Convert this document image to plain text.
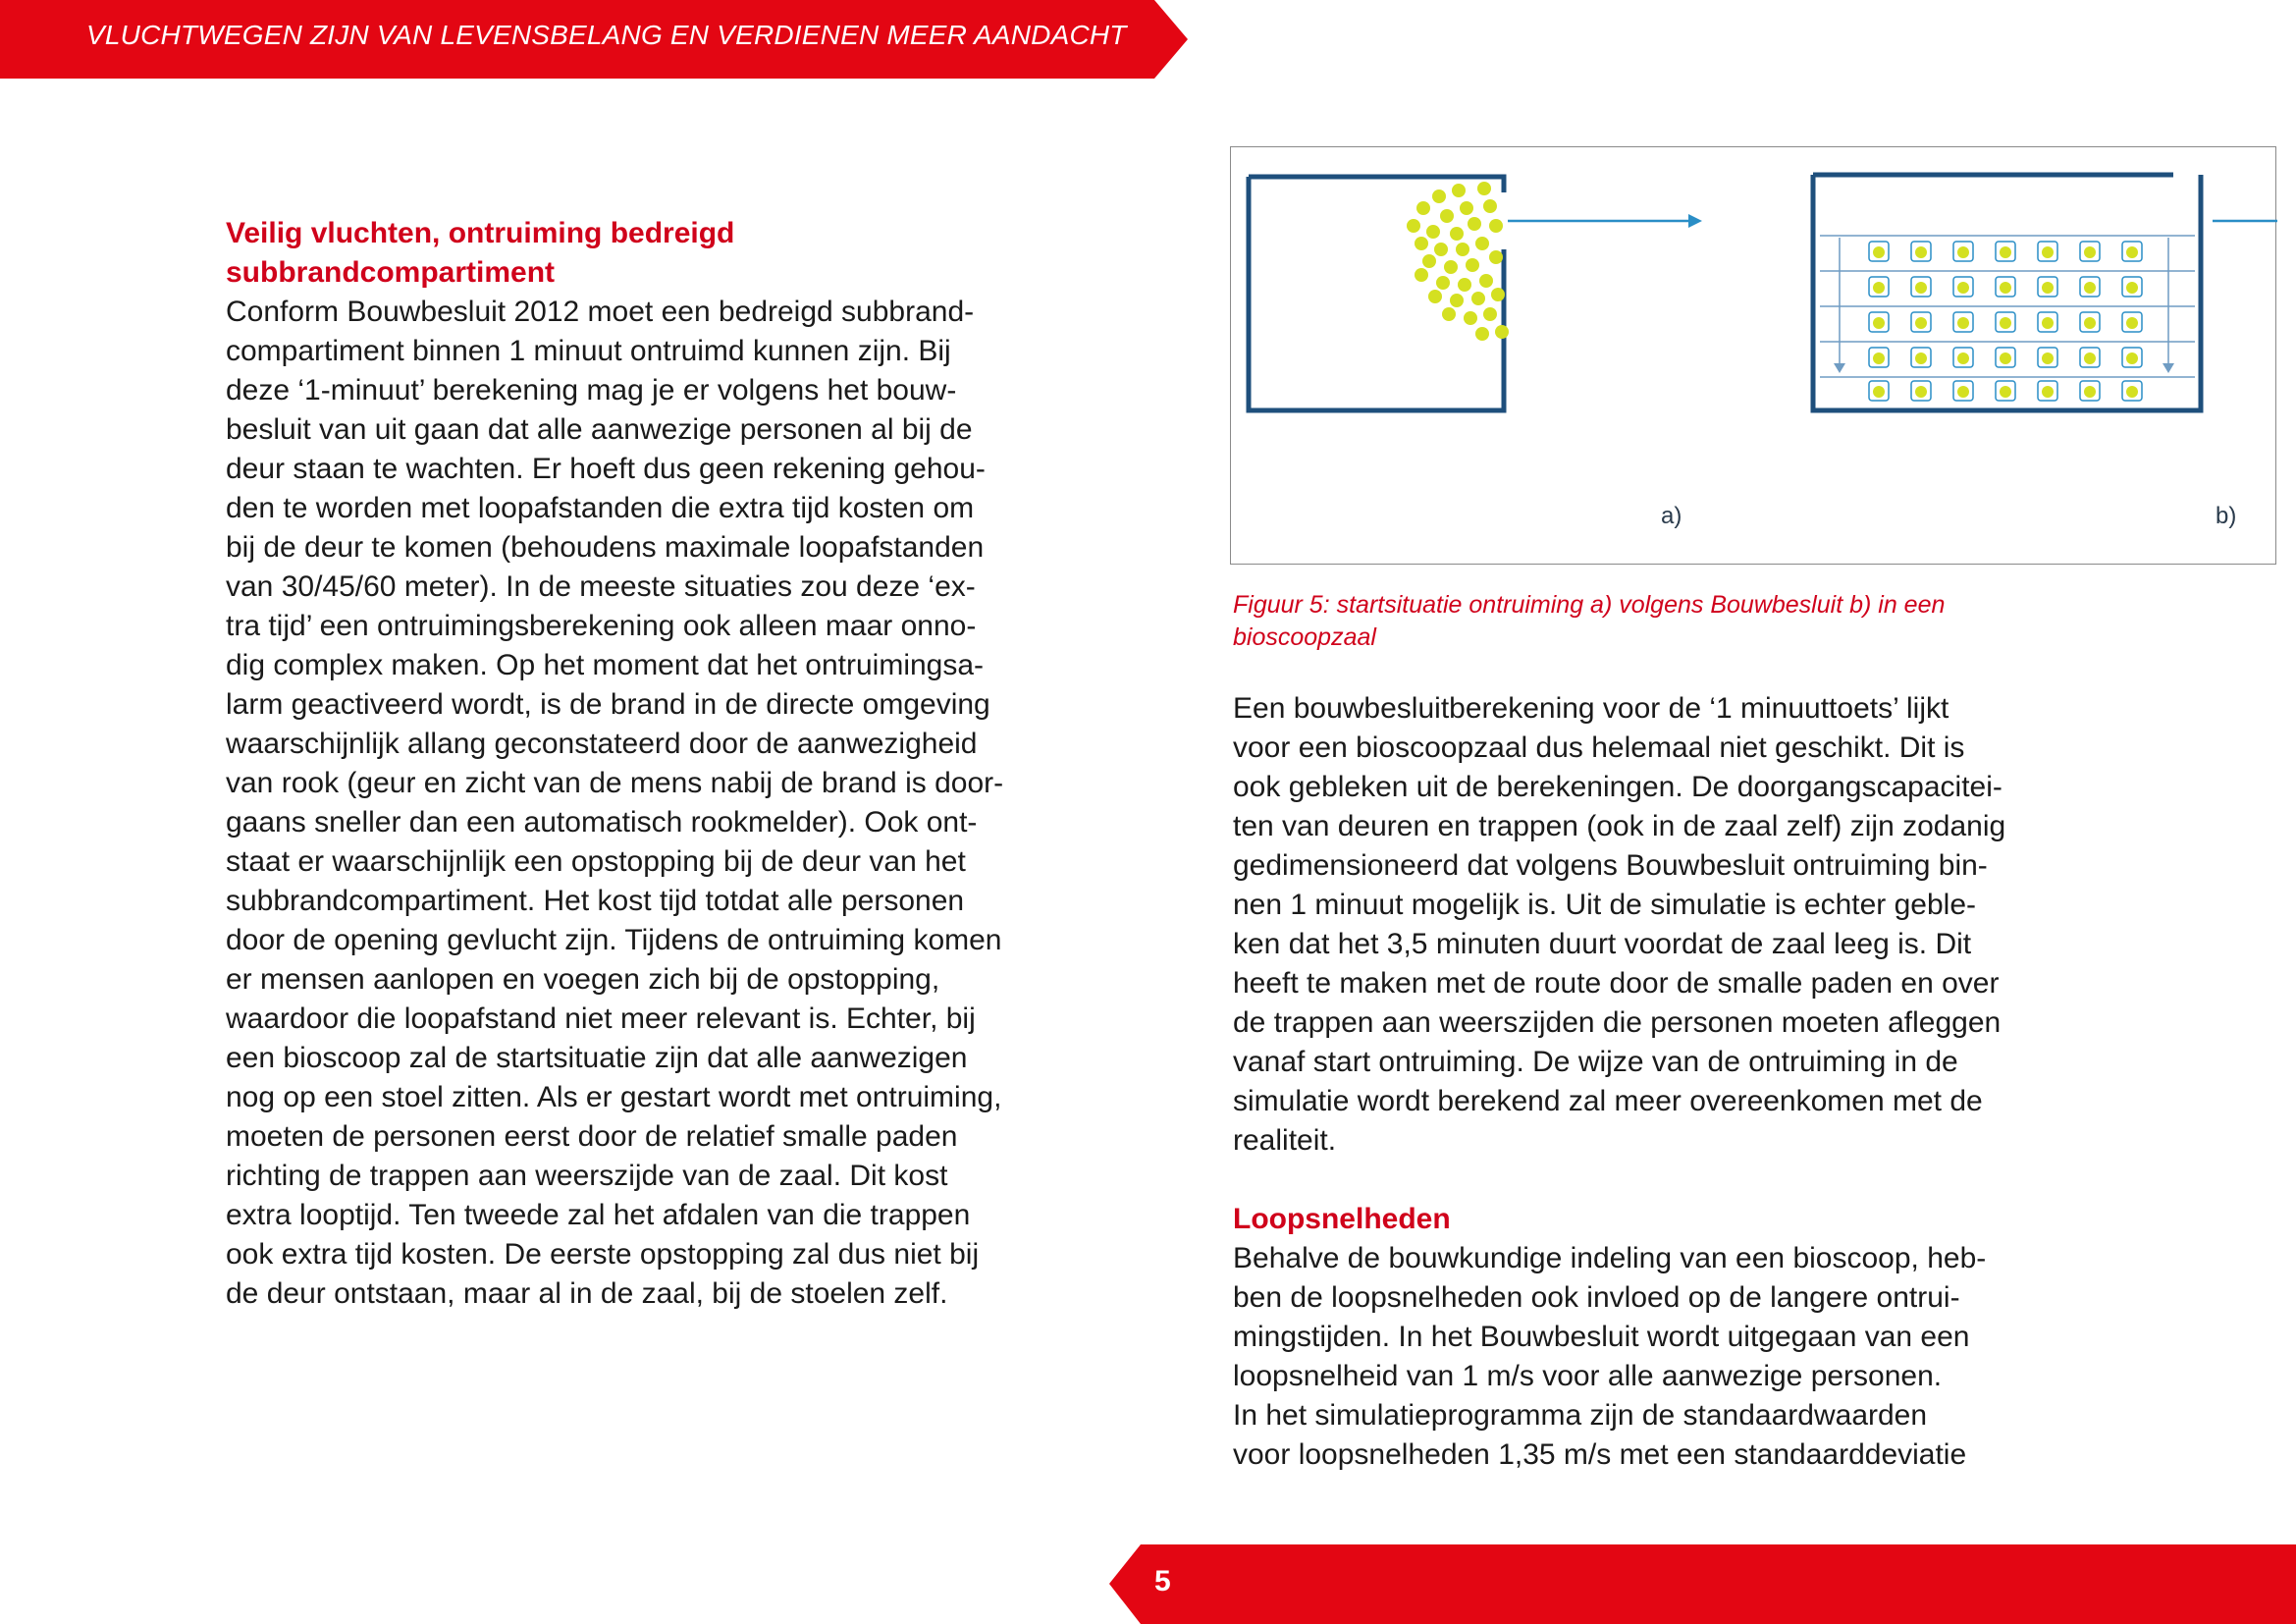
VLUCHTWEGEN ZIJN VAN LEVENSBELANG EN VERDIENEN MEER AANDACHT
Veilig vluchten, ontruiming bedreigd
subbrandcompartiment
Conform Bouwbesluit 2012 moet een bedreigd subbrand-
compartiment binnen 1 minuut ontruimd kunnen zijn. Bij
deze ‘1-minuut’ berekening mag je er volgens het bouw-
besluit van uit gaan dat alle aanwezige personen al bij de
deur staan te wachten. Er hoeft dus geen rekening gehou-
den te worden met loopafstanden die extra tijd kosten om
bij de deur te komen (behoudens maximale loopafstanden
van 30/45/60 meter). In de meeste situaties zou deze ‘ex-
tra tijd’ een ontruimingsberekening ook alleen maar onno-
dig complex maken. Op het moment dat het ontruimingsa-
larm geactiveerd wordt, is de brand in de directe omgeving
waarschijnlijk allang geconstateerd door de aanwezigheid
van rook (geur en zicht van de mens nabij de brand is door-
gaans sneller dan een automatisch rookmelder). Ook ont-
staat er waarschijnlijk een opstopping bij de deur van het
subbrandcompartiment. Het kost tijd totdat alle personen
door de opening gevlucht zijn. Tijdens de ontruiming komen
er mensen aanlopen en voegen zich bij de opstopping,
waardoor die loopafstand niet meer relevant is. Echter, bij
een bioscoop zal de startsituatie zijn dat alle aanwezigen
nog op een stoel zitten. Als er gestart wordt met ontruiming,
moeten de personen eerst door de relatief smalle paden
richting de trappen aan weerszijde van de zaal. Dit kost
extra looptijd. Ten tweede zal het afdalen van die trappen
ook extra tijd kosten. De eerste opstopping zal dus niet bij
de deur ontstaan, maar al in de zaal, bij de stoelen zelf.
a)	b)
Figuur 5: startsituatie ontruiming a) volgens Bouwbesluit b) in een
bioscoopzaal
Een bouwbesluitberekening voor de ‘1 minuuttoets’ lijkt
voor een bioscoopzaal dus helemaal niet geschikt. Dit is
ook gebleken uit de berekeningen. De doorgangscapacitei-
ten van deuren en trappen (ook in de zaal zelf) zijn zodanig
gedimensioneerd dat volgens Bouwbesluit ontruiming bin-
nen 1 minuut mogelijk is. Uit de simulatie is echter geble-
ken dat het 3,5 minuten duurt voordat de zaal leeg is. Dit
heeft te maken met de route door de smalle paden en over
de trappen aan weerszijden die personen moeten afleggen
vanaf start ontruiming. De wijze van de ontruiming in de
simulatie wordt berekend zal meer overeenkomen met de
realiteit.
Loopsnelheden
Behalve de bouwkundige indeling van een bioscoop, heb-
ben de loopsnelheden ook invloed op de langere ontrui-
mingstijden. In het Bouwbesluit wordt uitgegaan van een
loopsnelheid van 1 m/s voor alle aanwezige personen.
In het simulatieprogramma zijn de standaardwaarden
voor loopsnelheden 1,35 m/s met een standaarddeviatie
5
